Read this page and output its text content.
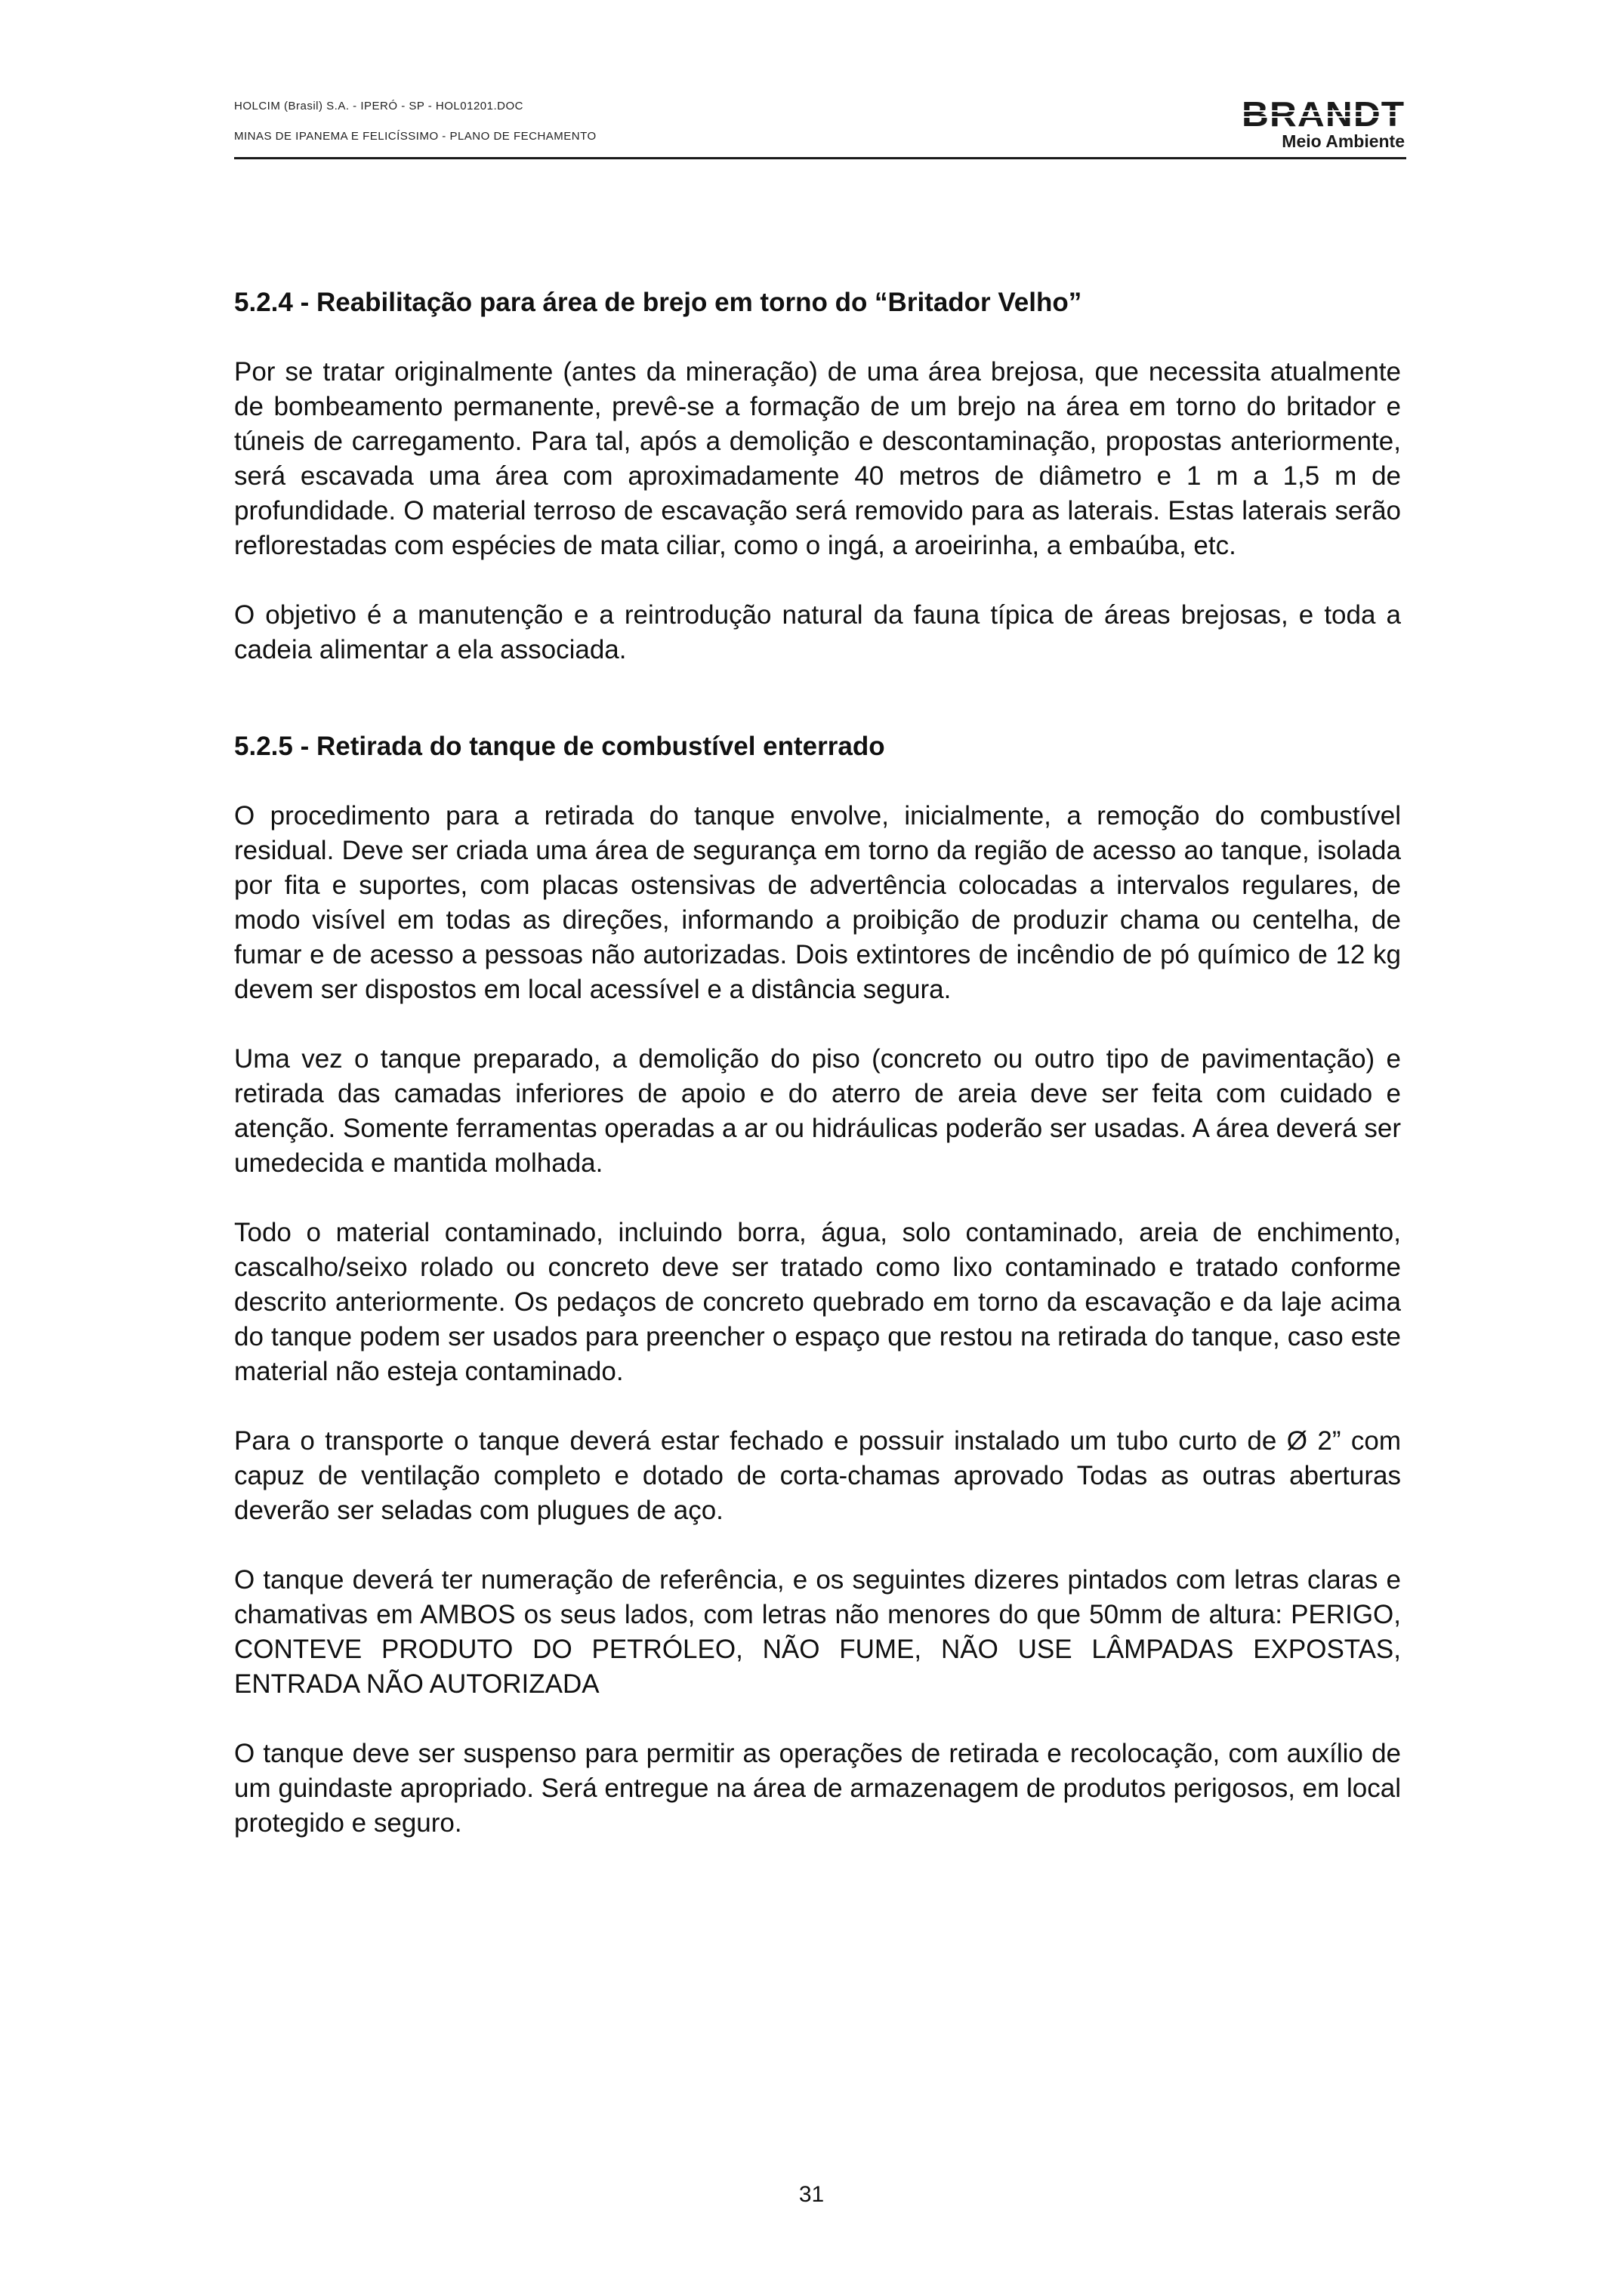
HOLCIM (Brasil) S.A. - IPERÓ - SP - HOL01201.DOC
MINAS DE IPANEMA E FELICÍSSIMO - PLANO DE FECHAMENTO
BRANDT
Meio Ambiente
5.2.4 - Reabilitação para área de brejo em torno do “Britador Velho”

Por se tratar originalmente (antes da mineração) de uma área brejosa, que necessita atualmente de bombeamento permanente, prevê-se a formação de um brejo na área em torno do britador e túneis de carregamento. Para tal, após a demolição e descontaminação, propostas anteriormente, será escavada uma área com aproximadamente 40 metros de diâmetro e 1 m a 1,5 m de profundidade. O material terroso de escavação será removido para as laterais. Estas laterais serão reflorestadas com espécies de mata ciliar, como o ingá, a aroeirinha, a embaúba, etc.

O objetivo é a manutenção e a reintrodução natural da fauna típica de áreas brejosas, e toda a cadeia alimentar a ela associada.

5.2.5 - Retirada do tanque de combustível enterrado

O procedimento para a retirada do tanque envolve, inicialmente, a remoção do combustível residual. Deve ser criada uma área de segurança em torno da região de acesso ao tanque, isolada por fita e suportes, com placas ostensivas de advertência colocadas a intervalos regulares, de modo visível em todas as direções, informando a proibição de produzir chama ou centelha, de fumar e de acesso a pessoas não autorizadas. Dois extintores de incêndio de pó químico de 12 kg devem ser dispostos em local acessível e a distância segura.

Uma vez o tanque preparado, a demolição do piso (concreto ou outro tipo de pavimentação) e retirada das camadas inferiores de apoio e do aterro de areia deve ser feita com cuidado e atenção. Somente ferramentas operadas a ar ou hidráulicas poderão ser usadas. A área deverá ser umedecida e mantida molhada.

Todo o material contaminado, incluindo borra, água, solo contaminado, areia de enchimento, cascalho/seixo rolado ou concreto deve ser tratado como lixo contaminado e tratado conforme descrito anteriormente. Os pedaços de concreto quebrado em torno da escavação e da laje acima do tanque podem ser usados para preencher o espaço que restou na retirada do tanque, caso este material não esteja contaminado.

Para o transporte o tanque deverá estar fechado e possuir instalado um tubo curto de Ø 2” com capuz de ventilação completo e dotado de corta-chamas aprovado Todas as outras aberturas deverão ser seladas com plugues de aço.

O tanque deverá ter numeração de referência, e os seguintes dizeres pintados com letras claras e chamativas em AMBOS os seus lados, com letras não menores do que 50mm de altura: PERIGO, CONTEVE PRODUTO DO PETRÓLEO, NÃO FUME, NÃO USE LÂMPADAS EXPOSTAS, ENTRADA NÃO AUTORIZADA

O tanque deve ser suspenso para permitir as operações de retirada e recolocação, com auxílio de um guindaste apropriado. Será entregue na área de armazenagem de produtos perigosos, em local protegido e seguro.

31
